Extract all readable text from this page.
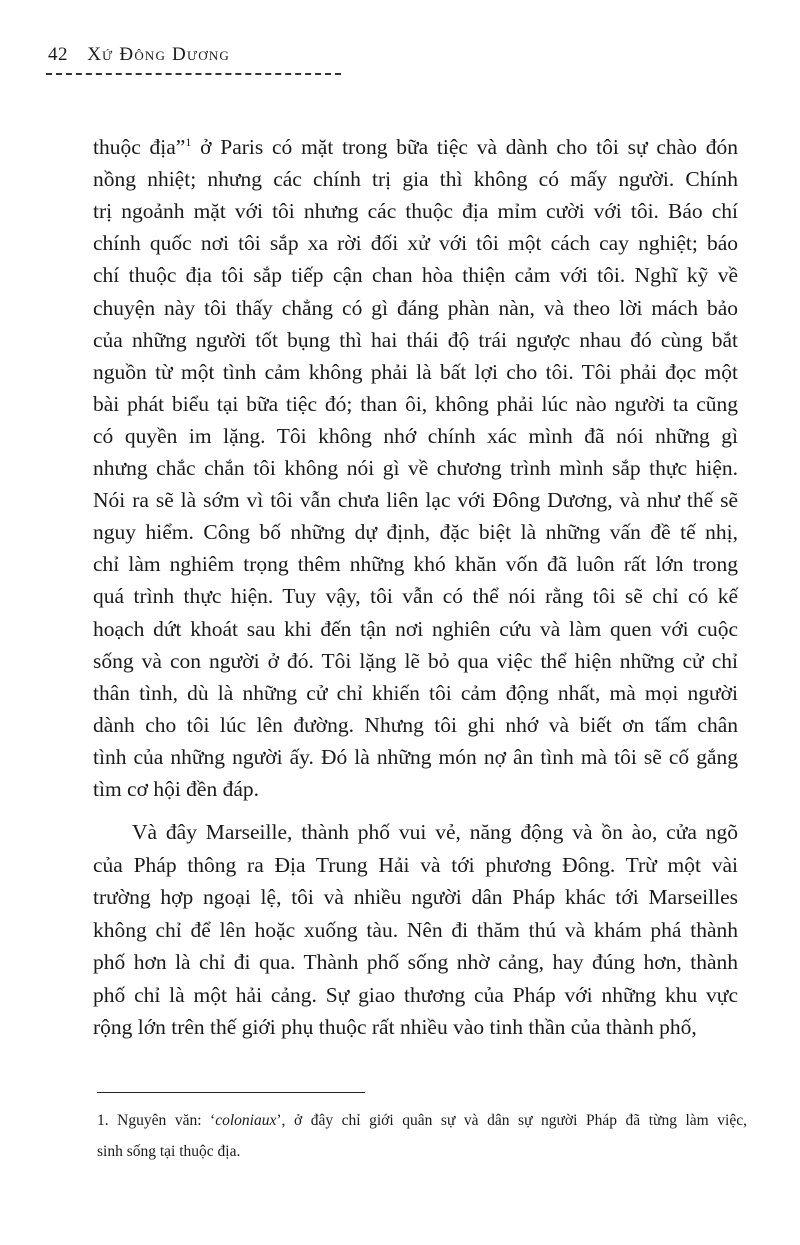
42 Xứ Đông Dương
thuộc địa”$^1$ ở Paris có mặt trong bữa tiệc và dành cho tôi sự chào đón
nồng nhiệt; nhưng các chính trị gia thì không có mấy người. Chính
trị ngoảnh mặt với tôi nhưng các thuộc địa mỉm cười với tôi. Báo chí
chính quốc nơi tôi sắp xa rời đối xử với tôi một cách cay nghiệt; báo
chí thuộc địa tôi sắp tiếp cận chan hòa thiện cảm với tôi. Nghĩ kỹ về
chuyện này tôi thấy chẳng có gì đáng phàn nàn, và theo lời mách bảo
của những người tốt bụng thì hai thái độ trái ngược nhau đó cùng bắt
nguồn từ một tình cảm không phải là bất lợi cho tôi. Tôi phải đọc một
bài phát biểu tại bữa tiệc đó; than ôi, không phải lúc nào người ta cũng
có quyền im lặng. Tôi không nhớ chính xác mình đã nói những gì
nhưng chắc chắn tôi không nói gì về chương trình mình sắp thực hiện.
Nói ra sẽ là sớm vì tôi vẫn chưa liên lạc với Đông Dương, và như thế sẽ
nguy hiểm. Công bố những dự định, đặc biệt là những vấn đề tế nhị,
chỉ làm nghiêm trọng thêm những khó khăn vốn đã luôn rất lớn trong
quá trình thực hiện. Tuy vậy, tôi vẫn có thể nói rằng tôi sẽ chỉ có kế
hoạch dứt khoát sau khi đến tận nơi nghiên cứu và làm quen với cuộc
sống và con người ở đó. Tôi lặng lẽ bỏ qua việc thể hiện những cử chỉ
thân tình, dù là những cử chỉ khiến tôi cảm động nhất, mà mọi người
dành cho tôi lúc lên đường. Nhưng tôi ghi nhớ và biết ơn tấm chân
tình của những người ấy. Đó là những món nợ ân tình mà tôi sẽ cố gắng
tìm cơ hội đền đáp.
Và đây Marseille, thành phố vui vẻ, năng động và ồn ào, cửa ngõ
của Pháp thông ra Địa Trung Hải và tới phương Đông. Trừ một vài
trường hợp ngoại lệ, tôi và nhiều người dân Pháp khác tới Marseilles
không chỉ để lên hoặc xuống tàu. Nên đi thăm thú và khám phá thành
phố hơn là chỉ đi qua. Thành phố sống nhờ cảng, hay đúng hơn, thành
phố chỉ là một hải cảng. Sự giao thương của Pháp với những khu vực
rộng lớn trên thế giới phụ thuộc rất nhiều vào tinh thần của thành phố,
1. Nguyên văn: ‘coloniaux’, ở đây chỉ giới quân sự và dân sự người Pháp đã từng làm việc,
sinh sống tại thuộc địa.
